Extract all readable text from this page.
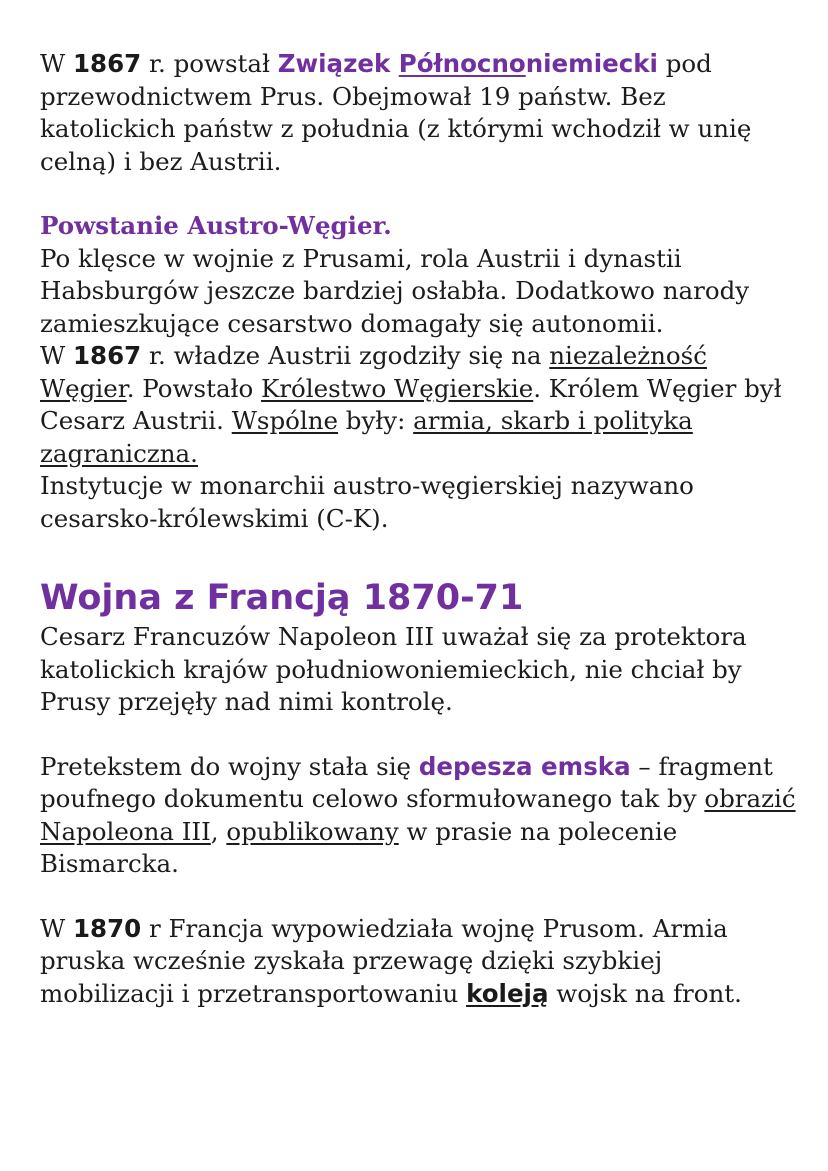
W 1867 r. powstał Związek Północnoniemiecki pod przewodnictwem Prus. Obejmował 19 państw. Bez katolickich państw z południa (z którymi wchodził w unię celną) i bez Austrii.

Powstanie Austro-Węgier.

Po klęsce w wojnie z Prusami, rola Austrii i dynastii Habsburgów jeszcze bardziej osłabła. Dodatkowo narody zamieszkujące cesarstwo domagały się autonomii.

W 1867 r. władze Austrii zgodziły się na niezależność Węgier. Powstało Królestwo Węgierskie. Królem Węgier był Cesarz Austrii. Wspólne były: armia, skarb i polityka zagraniczna.

Instytucje w monarchii austro-węgierskiej nazywano cesarsko-królewskimi (C-K).

Wojna z Francją 1870-71

Cesarz Francuzów Napoleon III uważał się za protektora katolickich krajów południowoniemieckich, nie chciał by Prusy przejęły nad nimi kontrolę.

Pretekstem do wojny stała się depesza emska – fragment poufnego dokumentu celowo sformułowanego tak by obrazić Napoleona III, opublikowany w prasie na polecenie Bismarcka.

W 1870 r Francja wypowiedziała wojnę Prusom. Armia pruska wcześnie zyskała przewagę dzięki szybkiej mobilizacji i przetransportowaniu koleją wojsk na front.
